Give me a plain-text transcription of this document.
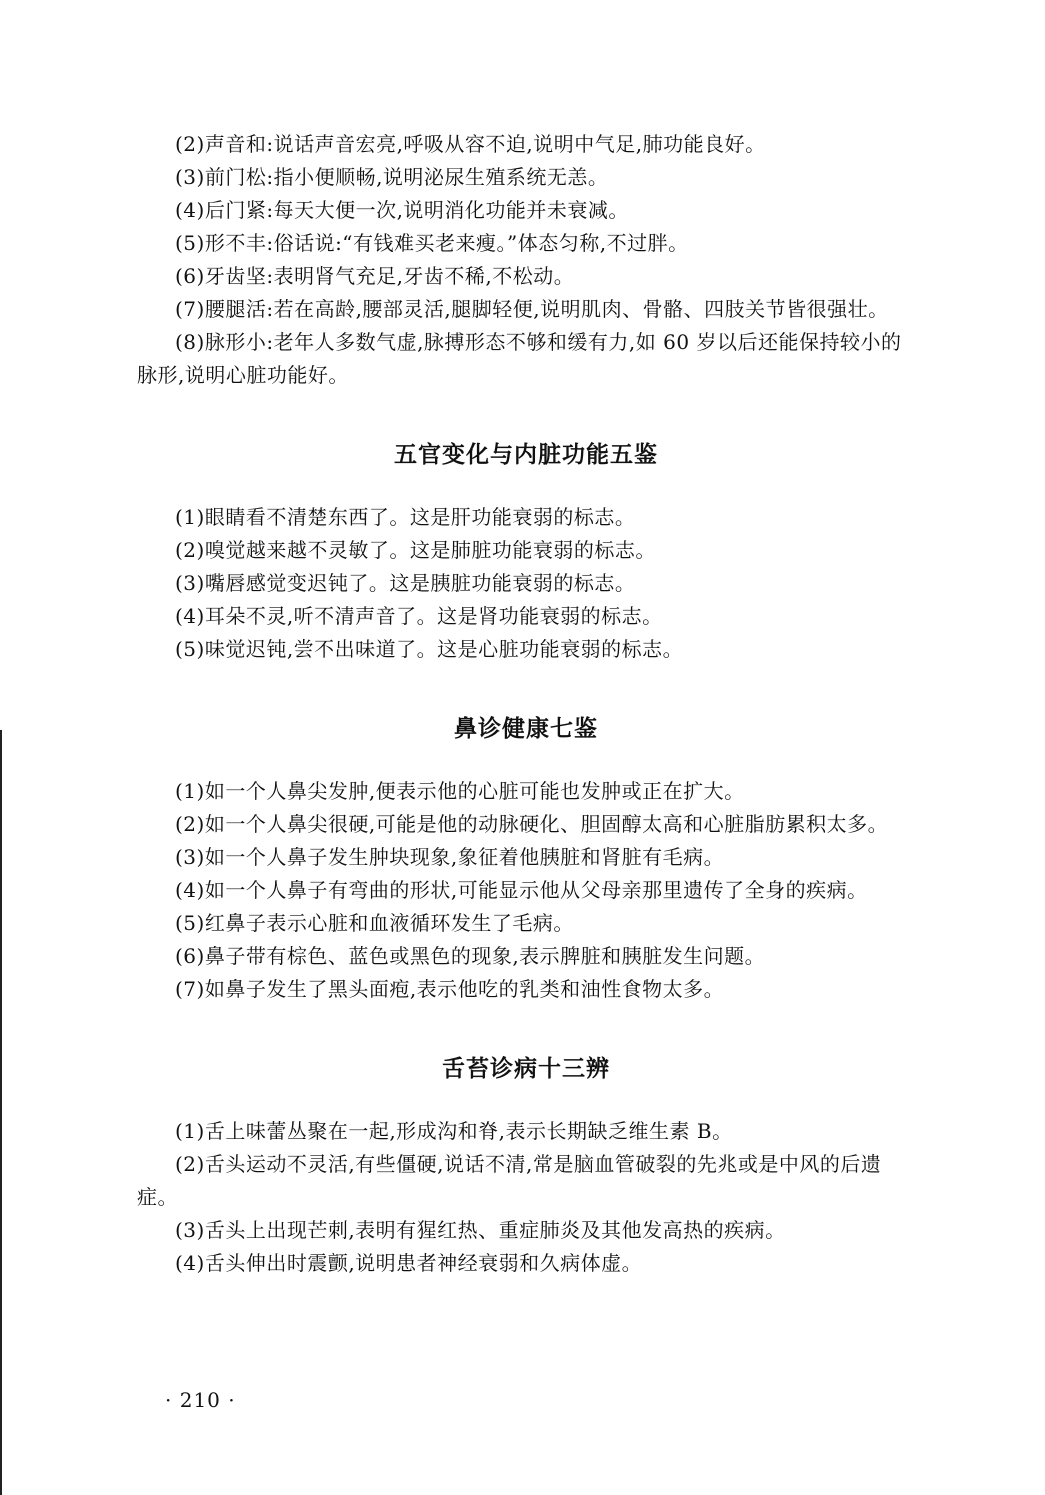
(2)声音和:说话声音宏亮,呼吸从容不迫,说明中气足,肺功能良好。

(3)前门松:指小便顺畅,说明泌尿生殖系统无恙。

(4)后门紧:每天大便一次,说明消化功能并未衰减。

(5)形不丰:俗话说:“有钱难买老来瘦。”体态匀称,不过胖。

(6)牙齿坚:表明肾气充足,牙齿不稀,不松动。

(7)腰腿活:若在高龄,腰部灵活,腿脚轻便,说明肌肉、骨骼、四肢关节皆很强壮。

(8)脉形小:老年人多数气虚,脉搏形态不够和缓有力,如 60 岁以后还能保持较小的脉形,说明心脏功能好。

五官变化与内脏功能五鉴

(1)眼睛看不清楚东西了。这是肝功能衰弱的标志。

(2)嗅觉越来越不灵敏了。这是肺脏功能衰弱的标志。

(3)嘴唇感觉变迟钝了。这是胰脏功能衰弱的标志。

(4)耳朵不灵,听不清声音了。这是肾功能衰弱的标志。

(5)味觉迟钝,尝不出味道了。这是心脏功能衰弱的标志。

鼻诊健康七鉴

(1)如一个人鼻尖发肿,便表示他的心脏可能也发肿或正在扩大。

(2)如一个人鼻尖很硬,可能是他的动脉硬化、胆固醇太高和心脏脂肪累积太多。

(3)如一个人鼻子发生肿块现象,象征着他胰脏和肾脏有毛病。

(4)如一个人鼻子有弯曲的形状,可能显示他从父母亲那里遗传了全身的疾病。

(5)红鼻子表示心脏和血液循环发生了毛病。

(6)鼻子带有棕色、蓝色或黑色的现象,表示脾脏和胰脏发生问题。

(7)如鼻子发生了黑头面疱,表示他吃的乳类和油性食物太多。

舌苔诊病十三辨

(1)舌上味蕾丛聚在一起,形成沟和脊,表示长期缺乏维生素 B。

(2)舌头运动不灵活,有些僵硬,说话不清,常是脑血管破裂的先兆或是中风的后遗症。

(3)舌头上出现芒刺,表明有猩红热、重症肺炎及其他发高热的疾病。

(4)舌头伸出时震颤,说明患者神经衰弱和久病体虚。

· 210 ·
